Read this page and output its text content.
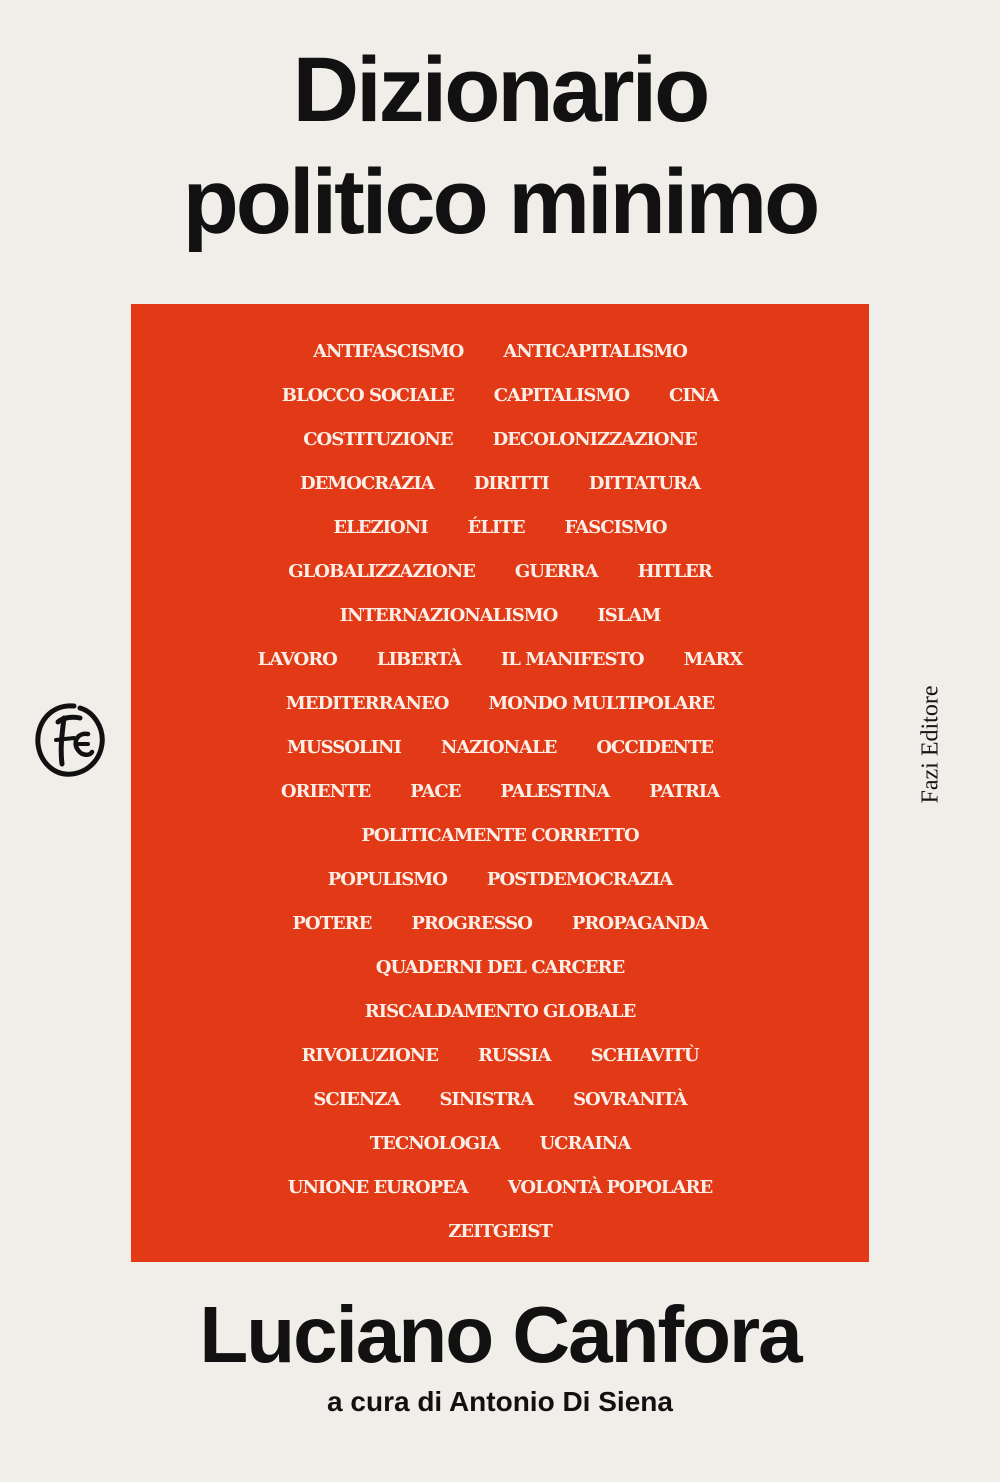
Dizionario
politico minimo
ANTIFASCISMO ANTICAPITALISMO
BLOCCO SOCIALE CAPITALISMO CINA
COSTITUZIONE DECOLONIZZAZIONE
DEMOCRAZIA DIRITTI DITTATURA
ELEZIONI ÉLITE FASCISMO
GLOBALIZZAZIONE GUERRA HITLER
INTERNAZIONALISMO ISLAM
LAVORO LIBERTÀ IL MANIFESTO MARX
MEDITERRANEO MONDO MULTIPOLARE
MUSSOLINI NAZIONALE OCCIDENTE
ORIENTE PACE PALESTINA PATRIA
POLITICAMENTE CORRETTO
POPULISMO POSTDEMOCRAZIA
POTERE PROGRESSO PROPAGANDA
QUADERNI DEL CARCERE
RISCALDAMENTO GLOBALE
RIVOLUZIONE RUSSIA SCHIAVITÙ
SCIENZA SINISTRA SOVRANITÀ
TECNOLOGIA UCRAINA
UNIONE EUROPEA VOLONTÀ POPOLARE
ZEITGEIST
Fazi Editore
Luciano Canfora
a cura di Antonio Di Siena
